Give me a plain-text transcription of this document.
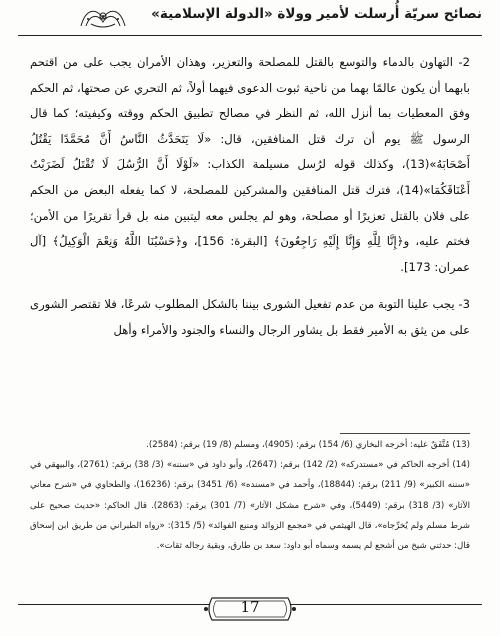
نصائح سريّة أُرسلت لأمير وولاة «الدولة الإسلامية»

2- التهاون بالدماء والتوسع بالقتل للمصلحة والتعزير، وهذان الأمران يجب على من اقتحم بابهما أن يكون عالمًا بهما من ناحية ثبوت الدعوى فيهما أولاً، ثم التحري عن صحتها، ثم الحكم وفق المعطيات بما أنزل الله، ثم النظر في مصالح تطبيق الحكم ووقته وكيفيته؛ كما قال الرسول ﷺ يوم أن ترك قتل المنافقين، قال: «لَا يَتَحَدَّثُ النَّاسُ أَنَّ مُحَمَّدًا يَقْتُلُ أَصْحَابَهُ»(13)، وكذلك قوله لرُسل مسيلمة الكذاب: «لَوْلَا أَنَّ الرُّسُلَ لَا تُقْتَلُ لَضَرَبْتُ أَعْنَاقَكُمَا»(14)، فترك قتل المنافقين والمشركين للمصلحة، لا كما يفعله البعض من الحكم على فلان بالقتل تعزيرًا أو مصلحة، وهو لم يجلس معه ليتبين منه بل قرأ تقريرًا من الأمن؛ فختم عليه، و﴿إِنَّا لِلَّهِ وَإِنَّا إِلَيْهِ رَاجِعُونَ﴾ [البقرة: 156]، و﴿حَسْبُنَا اللَّهُ وَنِعْمَ الْوَكِيلُ﴾ [آل عمران: 173].

3- يجب علينا التوبة من عدم تفعيل الشورى بيننا بالشكل المطلوب شرعًا، فلا تقتصر الشورى على من يثق به الأمير فقط بل يشاور الرجال والنساء والجنود والأمراء وأهل

(13) مُتَّفَقٌ عليه: أخرجه البخاري (6/ 154) برقم: (4905)، ومسلم (8/ 19) برقم: (2584).

(14) أخرجه الحاكم في «مستدركه» (2/ 142) برقم: (2647)، وأبو داود في «سننه» (3/ 38) برقم: (2761)، والبيهقي في «سننه الكبير» (9/ 211) برقم: (18844)، وأحمد في «مسنده» (6/ 3451) برقم: (16236)، والطحاوي في «شرح معاني الآثار» (3/ 318) برقم: (5449)، وفي «شرح مشكل الآثار» (7/ 301) برقم: (2863). قال الحاكم: «حديث صحيح على شرط مسلم ولم يُخرِّجاه»، قال الهيثمي في «مجمع الزوائد ومنبع الفوائد» (5/ 315): «رواه الطبراني من طريق ابن إسحاق قال: حدثني شيخ من أشجع لم يسمه وسماه أبو داود: سعد بن طارق، وبقية رجاله ثقات».

17
